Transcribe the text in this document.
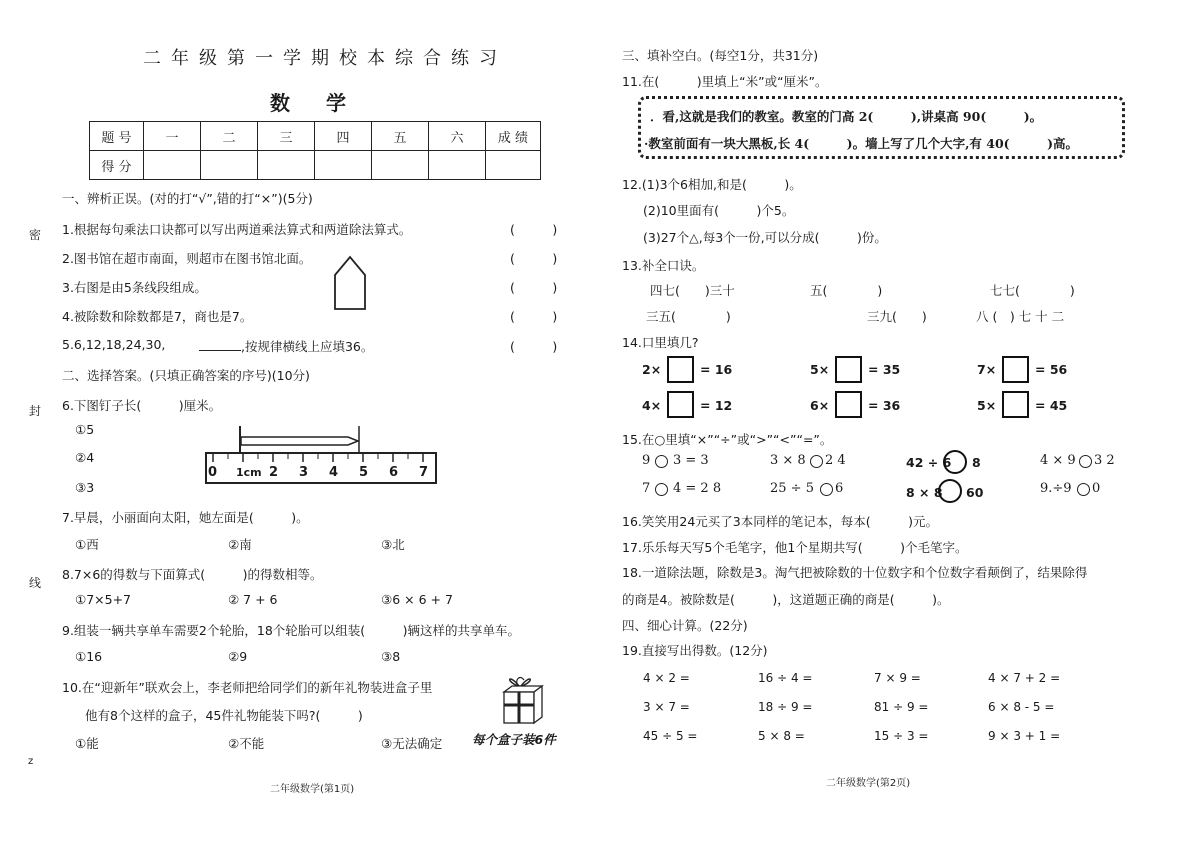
二年级第一学期校本综合练习
数　学
题 号	一	二	三	四	五	六	成 绩
得 分							
密
封
线
z
一、辨析正误。(对的打“√”,错的打“×”)(5分)
1.根据每句乘法口诀都可以写出两道乘法算式和两道除法算式。	(　　　)
2.图书馆在超市南面，则超市在图书馆北面。	(　　　)
3.右图是由5条线段组成。	(　　　)
4.被除数和除数都是7，商也是7。	(　　　)
5.6,12,18,24,30,	,按规律横线上应填36。	(　　　)
二、选择答案。(只填正确答案的序号)(10分)
6.下图钉子长(　　　)厘米。
①5
②4
③3
0 1cm 2 3 4 5 6 7
7.早晨，小丽面向太阳，她左面是(　　　)。
①西	②南	③北
8.7×6的得数与下面算式(　　　)的得数相等。
①7×5+7	② 7 + 6	③6 × 6 + 7
9.组装一辆共享单车需要2个轮胎，18个轮胎可以组装(　　　)辆这样的共享单车。
①16	②9	③8
10.在“迎新年”联欢会上，李老师把给同学们的新年礼物装进盒子里
他有8个这样的盒子，45件礼物能装下吗?(　　　)
①能	②不能	③无法确定 每个盒子装6件
二年级数学(第1页)
三、填补空白。(每空1分，共31分)
11.在(　　　)里填上“米”或“厘米”。
．看,这就是我们的教室。教室的门高 2(　　　),讲桌高 90(　　　)。
·教室前面有一块大黑板,长 4(　　　)。墙上写了几个大字,有 40(　　　)高。
12.(1)3个6相加,和是(　　　)。
(2)10里面有(　　　)个5。
(3)27个△,每3个一份,可以分成(　　　)份。
13.补全口诀。
四七(　　)三十	五(　　　　)	七七(　　　　)
三五(　　　　)	三九(　　)	八 (　) 七 十 二
14.口里填几?
2×	= 16	5×	= 35	7×	= 56
4×	= 12	6×	= 36	5×	= 45
15.在○里填“×”“÷”或“>”“<”“=”。
9 3 = 3	3 × 8 2 4	42 ÷ 6 8	4 × 9 3 2
7 4 = 2 8	25 ÷ 5 6	8 × 8 60	9.÷9 0
16.笑笑用24元买了3本同样的笔记本，每本(　　　)元。
17.乐乐每天写5个毛笔字，他1个星期共写(　　　)个毛笔字。
18.一道除法题，除数是3。淘气把被除数的十位数字和个位数字看颠倒了，结果除得
的商是4。被除数是(　　　)，这道题正确的商是(　　　)。
四、细心计算。(22分)
19.直接写出得数。(12分)
4 × 2 =	16 ÷ 4 =	7 × 9 =	4 × 7 + 2 =
3 × 7 =	18 ÷ 9 =	81 ÷ 9 =	6 × 8 - 5 =
45 ÷ 5 =	5 × 8 =	15 ÷ 3 =	9 × 3 + 1 =
二年级数学(第2页)
